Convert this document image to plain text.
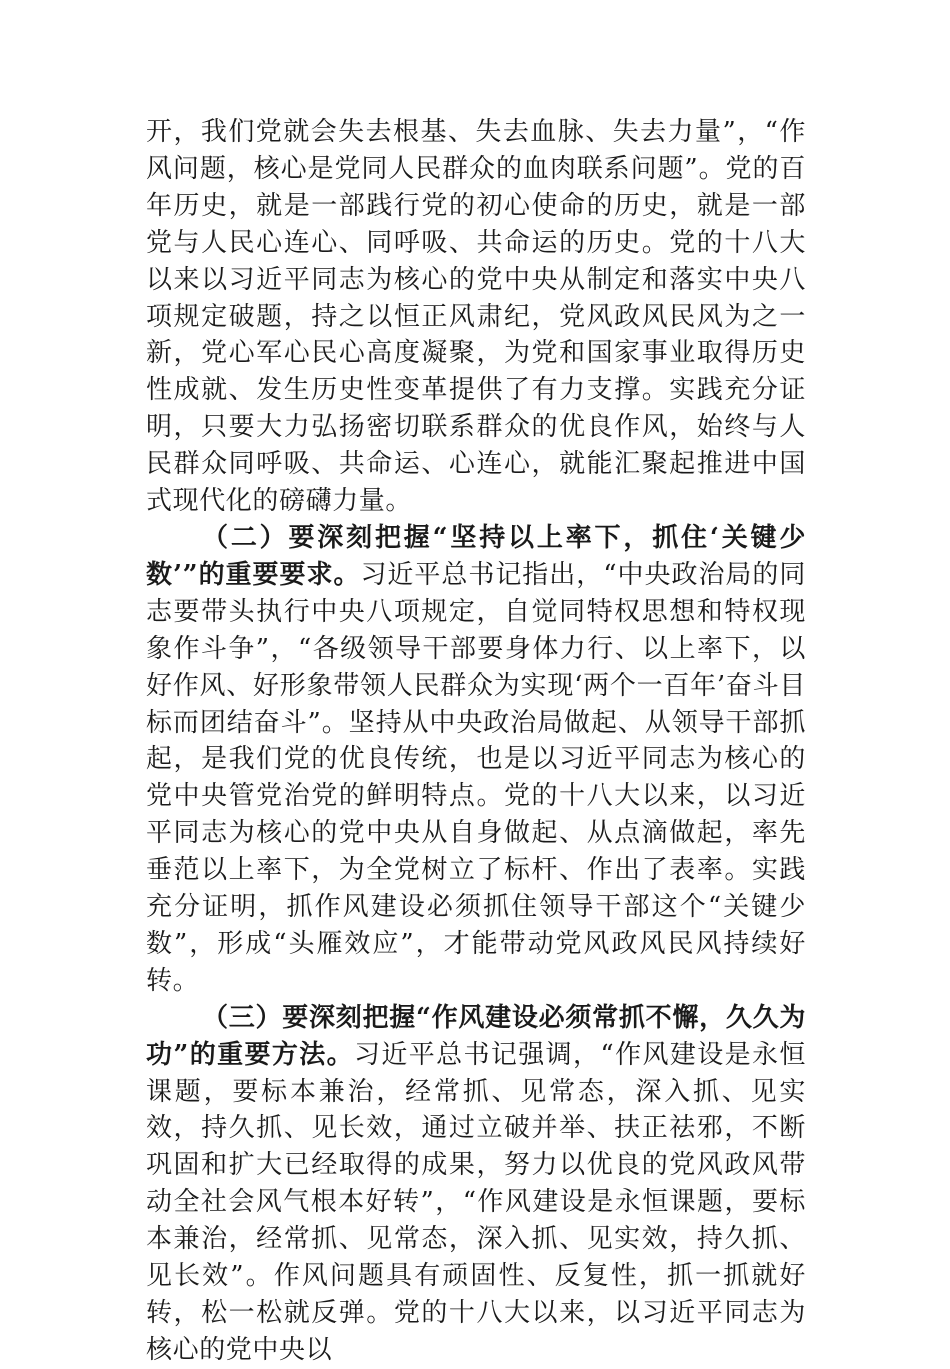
开，我们党就会失去根基、失去血脉、失去力量”，“作风问题，核心是党同人民群众的血肉联系问题”。党的百年历史，就是一部践行党的初心使命的历史，就是一部党与人民心连心、同呼吸、共命运的历史。党的十八大以来以习近平同志为核心的党中央从制定和落实中央八项规定破题，持之以恒正风肃纪，党风政风民风为之一新，党心军心民心高度凝聚，为党和国家事业取得历史性成就、发生历史性变革提供了有力支撑。实践充分证明，只要大力弘扬密切联系群众的优良作风，始终与人民群众同呼吸、共命运、心连心，就能汇聚起推进中国式现代化的磅礴力量。

（二）要深刻把握“坚持以上率下，抓住‘关键少数’”的重要要求。习近平总书记指出，“中央政治局的同志要带头执行中央八项规定，自觉同特权思想和特权现象作斗争”，“各级领导干部要身体力行、以上率下，以好作风、好形象带领人民群众为实现‘两个一百年’奋斗目标而团结奋斗”。坚持从中央政治局做起、从领导干部抓起，是我们党的优良传统，也是以习近平同志为核心的党中央管党治党的鲜明特点。党的十八大以来，以习近平同志为核心的党中央从自身做起、从点滴做起，率先垂范以上率下，为全党树立了标杆、作出了表率。实践充分证明，抓作风建设必须抓住领导干部这个“关键少数”，形成“头雁效应”，才能带动党风政风民风持续好转。

（三）要深刻把握“作风建设必须常抓不懈，久久为功”的重要方法。习近平总书记强调，“作风建设是永恒课题，要标本兼治，经常抓、见常态，深入抓、见实效，持久抓、见长效，通过立破并举、扶正祛邪，不断巩固和扩大已经取得的成果，努力以优良的党风政风带动全社会风气根本好转”，“作风建设是永恒课题，要标本兼治，经常抓、见常态，深入抓、见实效，持久抓、见长效”。作风问题具有顽固性、反复性，抓一抓就好转，松一松就反弹。党的十八大以来，以习近平同志为核心的党中央以
